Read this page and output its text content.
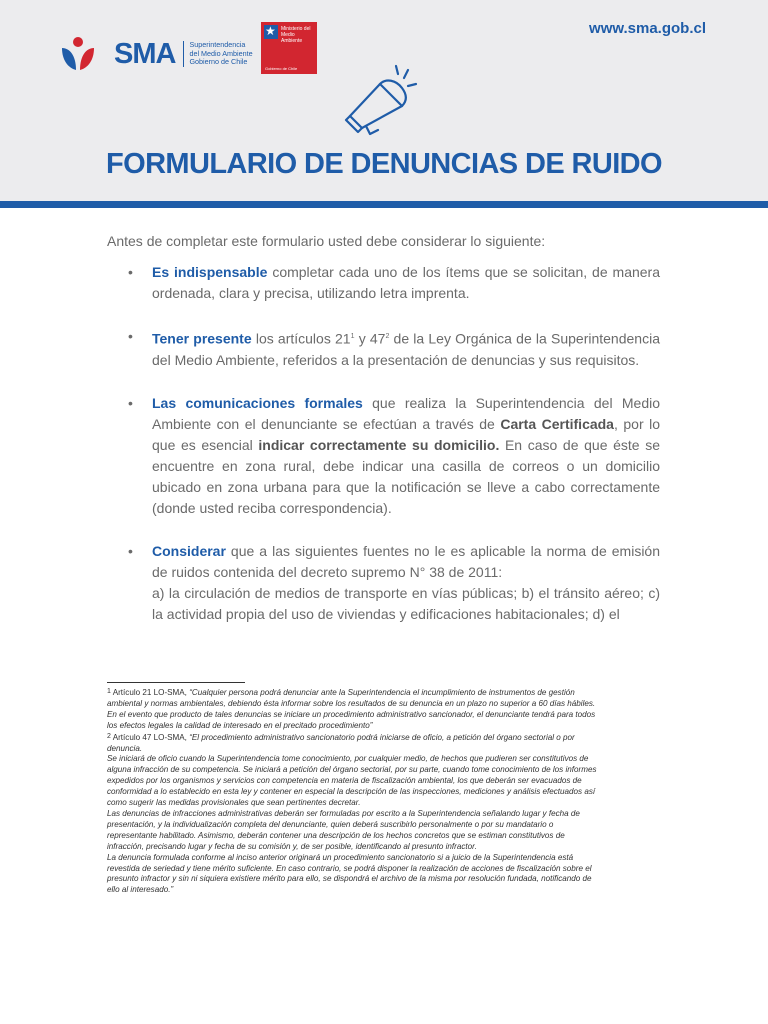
SMA Superintendencia
del Medio Ambiente
Gobierno de Chile
★ Ministerio del
Medio
Ambiente
Gobierno de Chile
www.sma.gob.cl
FORMULARIO DE DENUNCIAS DE RUIDO
Antes de completar este formulario usted debe considerar lo siguiente:
• Es indispensable completar cada uno de los ítems que se solicitan, de manera ordenada, clara y precisa, utilizando letra imprenta.
• Tener presente los artículos $21^1$ y $47^2$ de la Ley Orgánica de la Superintendencia del Medio Ambiente, referidos a la presentación de denuncias y sus requisitos.
• Las comunicaciones formales que realiza la Superintendencia del Medio Ambiente con el denunciante se efectúan a través de Carta Certificada, por lo que es esencial indicar correctamente su domicilio. En caso de que éste se encuentre en zona rural, debe indicar una casilla de correos o un domicilio ubicado en zona urbana para que la notificación se lleve a cabo correctamente (donde usted reciba correspondencia).
• Considerar que a las siguientes fuentes no le es aplicable la norma de emisión de ruidos contenida del decreto supremo N° 38 de 2011:
a) la circulación de medios de transporte en vías públicas; b) el tránsito aéreo; c) la actividad propia del uso de viviendas y edificaciones habitacionales; d) el
1 Artículo 21 LO-SMA, “Cualquier persona podrá denunciar ante la Superintendencia el incumplimiento de instrumentos de gestión
ambiental y normas ambientales, debiendo ésta informar sobre los resultados de su denuncia en un plazo no superior a 60 días hábiles.
En el evento que producto de tales denuncias se iniciare un procedimiento administrativo sancionador, el denunciante tendrá para todos
los efectos legales la calidad de interesado en el precitado procedimiento”
2 Artículo 47 LO-SMA, “El procedimiento administrativo sancionatorio podrá iniciarse de oficio, a petición del órgano sectorial o por
denuncia.
Se iniciará de oficio cuando la Superintendencia tome conocimiento, por cualquier medio, de hechos que pudieren ser constitutivos de
alguna infracción de su competencia. Se iniciará a petición del órgano sectorial, por su parte, cuando tome conocimiento de los informes
expedidos por los organismos y servicios con competencia en materia de fiscalización ambiental, los que deberán ser evacuados de
conformidad a lo establecido en esta ley y contener en especial la descripción de las inspecciones, mediciones y análisis efectuados así
como sugerir las medidas provisionales que sean pertinentes decretar.
Las denuncias de infracciones administrativas deberán ser formuladas por escrito a la Superintendencia señalando lugar y fecha de
presentación, y la individualización completa del denunciante, quien deberá suscribirlo personalmente o por su mandatario o
representante habilitado. Asimismo, deberán contener una descripción de los hechos concretos que se estiman constitutivos de
infracción, precisando lugar y fecha de su comisión y, de ser posible, identificando al presunto infractor.
La denuncia formulada conforme al inciso anterior originará un procedimiento sancionatorio si a juicio de la Superintendencia está
revestida de seriedad y tiene mérito suficiente. En caso contrario, se podrá disponer la realización de acciones de fiscalización sobre el
presunto infractor y sin ni siquiera existiere mérito para ello, se dispondrá el archivo de la misma por resolución fundada, notificando de
ello al interesado.”
